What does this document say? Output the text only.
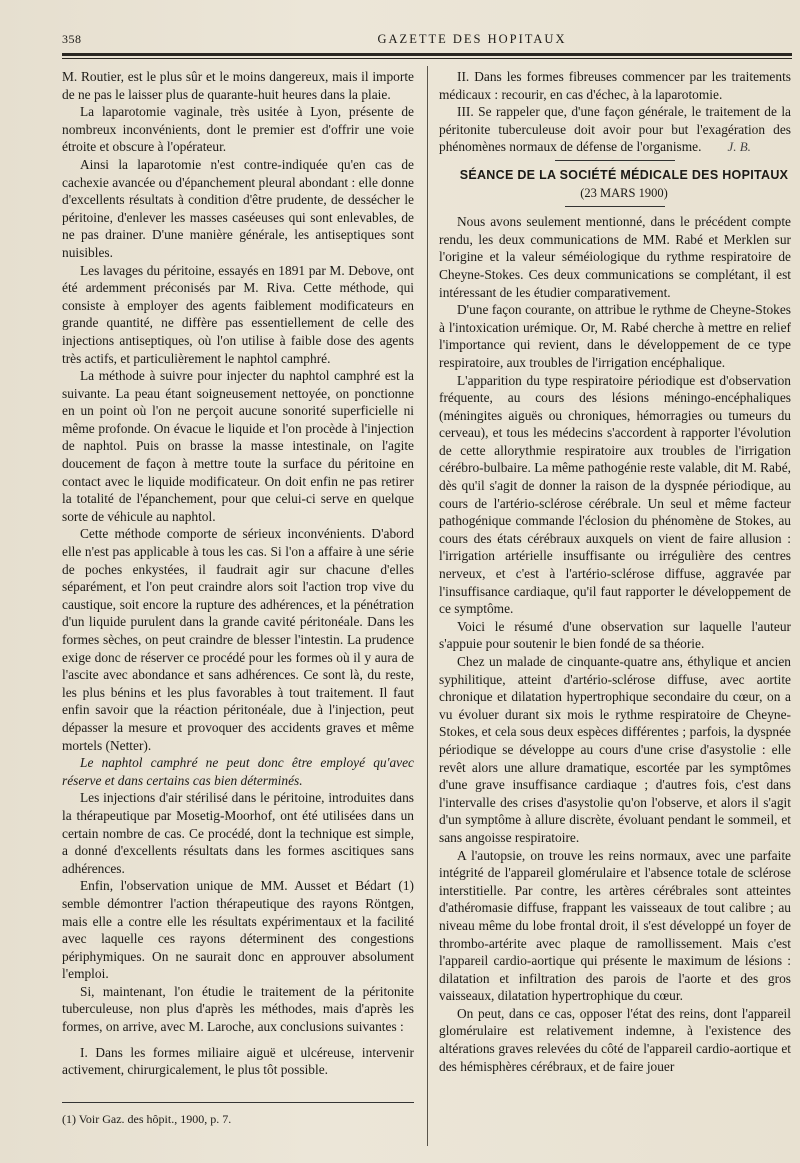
358	GAZETTE DES HOPITAUX

M. Routier, est le plus sûr et le moins dangereux, mais il importe de ne pas le laisser plus de quarante-huit heures dans la plaie.

La laparotomie vaginale, très usitée à Lyon, présente de nombreux inconvénients, dont le premier est d'offrir une voie étroite et obscure à l'opérateur.

Ainsi la laparotomie n'est contre-indiquée qu'en cas de cachexie avancée ou d'épanchement pleural abondant : elle donne d'excellents résultats à condition d'être prudente, de dessécher le péritoine, d'enlever les masses caséeuses qui sont enlevables, de ne pas drainer. D'une manière générale, les antiseptiques sont nuisibles.

Les lavages du péritoine, essayés en 1891 par M. Debove, ont été ardemment préconisés par M. Riva. Cette méthode, qui consiste à employer des agents faiblement modificateurs en grande quantité, ne diffère pas essentiellement de celle des injections antiseptiques, où l'on utilise à faible dose des agents très actifs, et particulièrement le naphtol camphré.

La méthode à suivre pour injecter du naphtol camphré est la suivante. La peau étant soigneusement nettoyée, on ponctionne en un point où l'on ne perçoit aucune sonorité superficielle ni même profonde. On évacue le liquide et l'on procède à l'injection de naphtol. Puis on brasse la masse intestinale, on l'agite doucement de façon à mettre toute la surface du péritoine en contact avec le liquide modificateur. On doit enfin ne pas retirer la totalité de l'épanchement, pour que celui-ci serve en quelque sorte de véhicule au naphtol.

Cette méthode comporte de sérieux inconvénients. D'abord elle n'est pas applicable à tous les cas. Si l'on a affaire à une série de poches enkystées, il faudrait agir sur chacune d'elles séparément, et l'on peut craindre alors soit l'action trop vive du caustique, soit encore la rupture des adhérences, et la pénétration d'un liquide purulent dans la grande cavité péritonéale. Dans les formes sèches, on peut craindre de blesser l'intestin. La prudence exige donc de réserver ce procédé pour les formes où il y aura de l'ascite avec abondance et sans adhérences. Ce sont là, du reste, les plus bénins et les plus favorables à tout traitement. Il faut enfin savoir que la réaction péritonéale, due à l'injection, peut dépasser la mesure et provoquer des accidents graves et même mortels (Netter).

Le naphtol camphré ne peut donc être employé qu'avec réserve et dans certains cas bien déterminés.

Les injections d'air stérilisé dans le péritoine, introduites dans la thérapeutique par Mosetig-Moorhof, ont été utilisées dans un certain nombre de cas. Ce procédé, dont la technique est simple, a donné d'excellents résultats dans les formes ascitiques sans adhérences.

Enfin, l'observation unique de MM. Ausset et Bédart (1) semble démontrer l'action thérapeutique des rayons Röntgen, mais elle a contre elle les résultats expérimentaux et la facilité avec laquelle ces rayons déterminent des congestions périphymiques. On ne saurait donc en approuver absolument l'emploi.

Si, maintenant, l'on étudie le traitement de la péritonite tuberculeuse, non plus d'après les méthodes, mais d'après les formes, on arrive, avec M. Laroche, aux conclusions suivantes :

I. Dans les formes miliaire aiguë et ulcéreuse, intervenir activement, chirurgicalement, le plus tôt possible.

(1) Voir Gaz. des hôpit., 1900, p. 7.

II. Dans les formes fibreuses commencer par les traitements médicaux : recourir, en cas d'échec, à la laparotomie.

III. Se rappeler que, d'une façon générale, le traitement de la péritonite tuberculeuse doit avoir pour but l'exagération des phénomènes normaux de défense de l'organisme. J. B.

SÉANCE DE LA SOCIÉTÉ MÉDICALE DES HOPITAUX

(23 MARS 1900)

Nous avons seulement mentionné, dans le précédent compte rendu, les deux communications de MM. Rabé et Merklen sur l'origine et la valeur séméiologique du rythme respiratoire de Cheyne-Stokes. Ces deux communications se complétant, il est intéressant de les étudier comparativement.

D'une façon courante, on attribue le rythme de Cheyne-Stokes à l'intoxication urémique. Or, M. Rabé cherche à mettre en relief l'importance qui revient, dans le développement de ce type respiratoire, aux troubles de l'irrigation encéphalique.

L'apparition du type respiratoire périodique est d'observation fréquente, au cours des lésions méningo-encéphaliques (méningites aiguës ou chroniques, hémorragies ou tumeurs du cerveau), et tous les médecins s'accordent à rapporter l'évolution de cette allorythmie respiratoire aux troubles de l'irrigation cérébro-bulbaire. La même pathogénie reste valable, dit M. Rabé, dès qu'il s'agit de donner la raison de la dyspnée périodique, au cours de l'artério-sclérose cérébrale. Un seul et même facteur pathogénique commande l'éclosion du phénomène de Stokes, au cours des états cérébraux auxquels on vient de faire allusion : l'irrigation artérielle insuffisante ou irrégulière des centres nerveux, et c'est à l'artério-sclérose diffuse, aggravée par l'insuffisance cardiaque, qu'il faut rapporter le développement de ce symptôme.

Voici le résumé d'une observation sur laquelle l'auteur s'appuie pour soutenir le bien fondé de sa théorie.

Chez un malade de cinquante-quatre ans, éthylique et ancien syphilitique, atteint d'artério-sclérose diffuse, avec aortite chronique et dilatation hypertrophique secondaire du cœur, on a vu évoluer durant six mois le rythme respiratoire de Cheyne-Stokes, et cela sous deux espèces différentes ; parfois, la dyspnée périodique se développe au cours d'une crise d'asystolie : elle revêt alors une allure dramatique, escortée par les symptômes d'une grave insuffisance cardiaque ; d'autres fois, c'est dans l'intervalle des crises d'asystolie qu'on l'observe, et alors il s'agit d'un symptôme à allure discrète, évoluant pendant le sommeil, et sans angoisse respiratoire.

A l'autopsie, on trouve les reins normaux, avec une parfaite intégrité de l'appareil glomérulaire et l'absence totale de sclérose interstitielle. Par contre, les artères cérébrales sont atteintes d'athéromasie diffuse, frappant les vaisseaux de tout calibre ; au niveau même du lobe frontal droit, il s'est développé un foyer de thrombo-artérite avec plaque de ramollissement. Mais c'est l'appareil cardio-aortique qui présente le maximum de lésions : dilatation et infiltration des parois de l'aorte et des gros vaisseaux, dilatation hypertrophique du cœur.

On peut, dans ce cas, opposer l'état des reins, dont l'appareil glomérulaire est relativement indemne, à l'existence des altérations graves relevées du côté de l'appareil cardio-aortique et des hémisphères cérébraux, et de faire jouer
